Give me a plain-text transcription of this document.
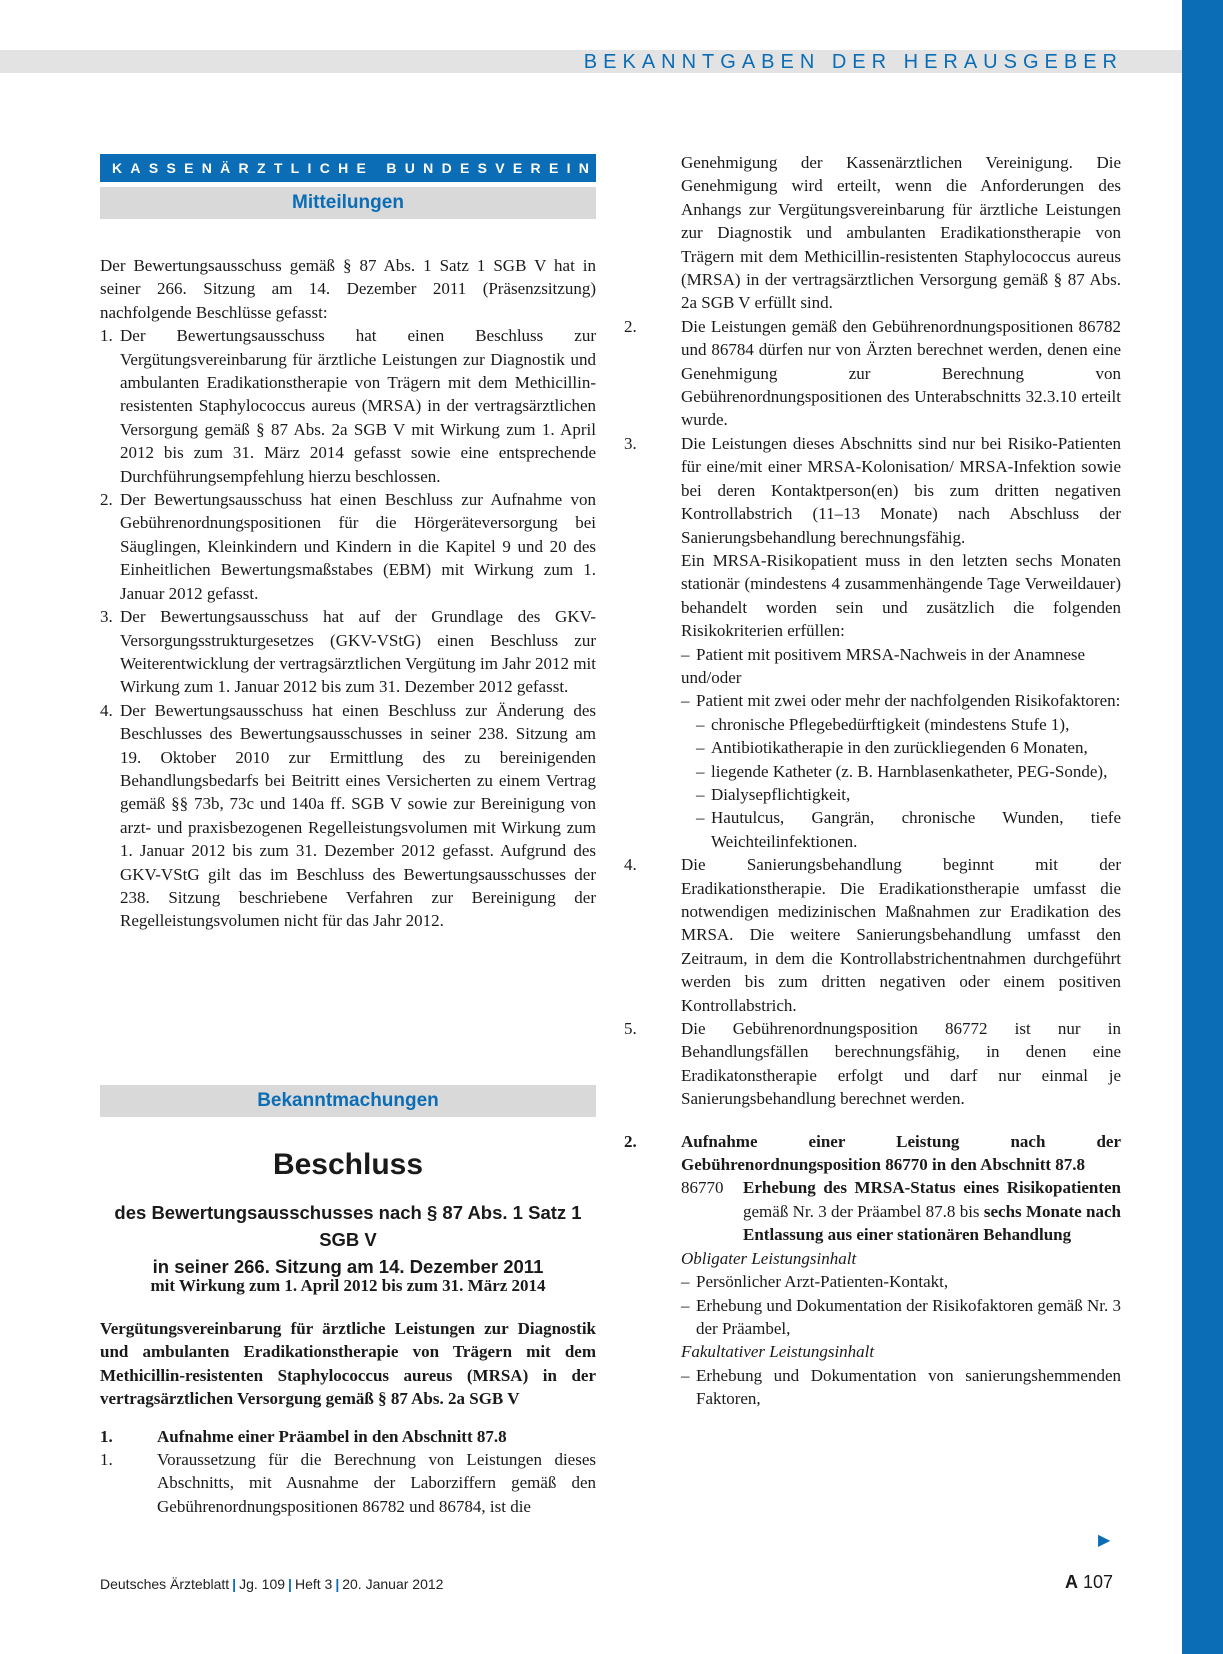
BEKANNTGABEN DER HERAUSGEBER
KASSENÄRZTLICHE BUNDESVEREINIGUNG
Mitteilungen
Der Bewertungsausschuss gemäß § 87 Abs. 1 Satz 1 SGB V hat in seiner 266. Sitzung am 14. Dezember 2011 (Präsenzsitzung) nachfolgende Beschlüsse gefasst:
1. Der Bewertungsausschuss hat einen Beschluss zur Vergütungsvereinbarung für ärztliche Leistungen zur Diagnostik und ambulanten Eradikationstherapie von Trägern mit dem Methicillin-resistenten Staphylococcus aureus (MRSA) in der vertragsärztlichen Versorgung gemäß § 87 Abs. 2a SGB V mit Wirkung zum 1. April 2012 bis zum 31. März 2014 gefasst sowie eine entsprechende Durchführungsempfehlung hierzu beschlossen.
2. Der Bewertungsausschuss hat einen Beschluss zur Aufnahme von Gebührenordnungspositionen für die Hörgeräteversorgung bei Säuglingen, Kleinkindern und Kindern in die Kapitel 9 und 20 des Einheitlichen Bewertungsmaßstabes (EBM) mit Wirkung zum 1. Januar 2012 gefasst.
3. Der Bewertungsausschuss hat auf der Grundlage des GKV-Versorgungsstrukturgesetzes (GKV-VStG) einen Beschluss zur Weiterentwicklung der vertragsärztlichen Vergütung im Jahr 2012 mit Wirkung zum 1. Januar 2012 bis zum 31. Dezember 2012 gefasst.
4. Der Bewertungsausschuss hat einen Beschluss zur Änderung des Beschlusses des Bewertungsausschusses in seiner 238. Sitzung am 19. Oktober 2010 zur Ermittlung des zu bereinigenden Behandlungsbedarfs bei Beitritt eines Versicherten zu einem Vertrag gemäß §§ 73b, 73c und 140a ff. SGB V sowie zur Bereinigung von arzt- und praxisbezogenen Regelleistungsvolumen mit Wirkung zum 1. Januar 2012 bis zum 31. Dezember 2012 gefasst. Aufgrund des GKV-VStG gilt das im Beschluss des Bewertungsausschusses der 238. Sitzung beschriebene Verfahren zur Bereinigung der Regelleistungsvolumen nicht für das Jahr 2012.
Bekanntmachungen
Beschluss
des Bewertungsausschusses nach § 87 Abs. 1 Satz 1 SGB V
in seiner 266. Sitzung am 14. Dezember 2011
mit Wirkung zum 1. April 2012 bis zum 31. März 2014
Vergütungsvereinbarung für ärztliche Leistungen zur Diagnostik und ambulanten Eradikationstherapie von Trägern mit dem Methicillin-resistenten Staphylococcus aureus (MRSA) in der vertragsärztlichen Versorgung gemäß § 87 Abs. 2a SGB V
1.	Aufnahme einer Präambel in den Abschnitt 87.8
1.	Voraussetzung für die Berechnung von Leistungen dieses Abschnitts, mit Ausnahme der Laborziffern gemäß den Gebührenordnungspositionen 86782 und 86784, ist die
Genehmigung der Kassenärztlichen Vereinigung. Die Genehmigung wird erteilt, wenn die Anforderungen des Anhangs zur Vergütungsvereinbarung für ärztliche Leistungen zur Diagnostik und ambulanten Eradikationstherapie von Trägern mit dem Methicillin-resistenten Staphylococcus aureus (MRSA) in der vertragsärztlichen Versorgung gemäß § 87 Abs. 2a SGB V erfüllt sind.
2.	Die Leistungen gemäß den Gebührenordnungspositionen 86782 und 86784 dürfen nur von Ärzten berechnet werden, denen eine Genehmigung zur Berechnung von Gebührenordnungspositionen des Unterabschnitts 32.3.10 erteilt wurde.
3.	Die Leistungen dieses Abschnitts sind nur bei Risiko-Patienten für eine/mit einer MRSA-Kolonisation/ MRSA-Infektion sowie bei deren Kontaktperson(en) bis zum dritten negativen Kontrollabstrich (11–13 Monate) nach Abschluss der Sanierungsbehandlung berechnungsfähig.
Ein MRSA-Risikopatient muss in den letzten sechs Monaten stationär (mindestens 4 zusammenhängende Tage Verweildauer) behandelt worden sein und zusätzlich die folgenden Risikokriterien erfüllen:
– Patient mit positivem MRSA-Nachweis in der Anamnese
und/oder
– Patient mit zwei oder mehr der nachfolgenden Risikofaktoren:
– chronische Pflegebedürftigkeit (mindestens Stufe 1),
– Antibiotikatherapie in den zurückliegenden 6 Monaten,
– liegende Katheter (z. B. Harnblasenkatheter, PEG-Sonde),
– Dialysepflichtigkeit,
– Hautulcus, Gangrän, chronische Wunden, tiefe Weichteilinfektionen.
4.	Die Sanierungsbehandlung beginnt mit der Eradikationstherapie. Die Eradikationstherapie umfasst die notwendigen medizinischen Maßnahmen zur Eradikation des MRSA. Die weitere Sanierungsbehandlung umfasst den Zeitraum, in dem die Kontrollabstrichentnahmen durchgeführt werden bis zum dritten negativen oder einem positiven Kontrollabstrich.
5.	Die Gebührenordnungsposition 86772 ist nur in Behandlungsfällen berechnungsfähig, in denen eine Eradikatonstherapie erfolgt und darf nur einmal je Sanierungsbehandlung berechnet werden.
2.	Aufnahme einer Leistung nach der Gebührenordnungsposition 86770 in den Abschnitt 87.8
86770	Erhebung des MRSA-Status eines Risikopatienten gemäß Nr. 3 der Präambel 87.8 bis sechs Monate nach Entlassung aus einer stationären Behandlung
Obligater Leistungsinhalt
– Persönlicher Arzt-Patienten-Kontakt,
– Erhebung und Dokumentation der Risikofaktoren gemäß Nr. 3 der Präambel,
Fakultativer Leistungsinhalt
– Erhebung und Dokumentation von sanierungshemmenden Faktoren,
▶
Deutsches Ärzteblatt | Jg. 109 | Heft 3 | 20. Januar 2012	A 107
